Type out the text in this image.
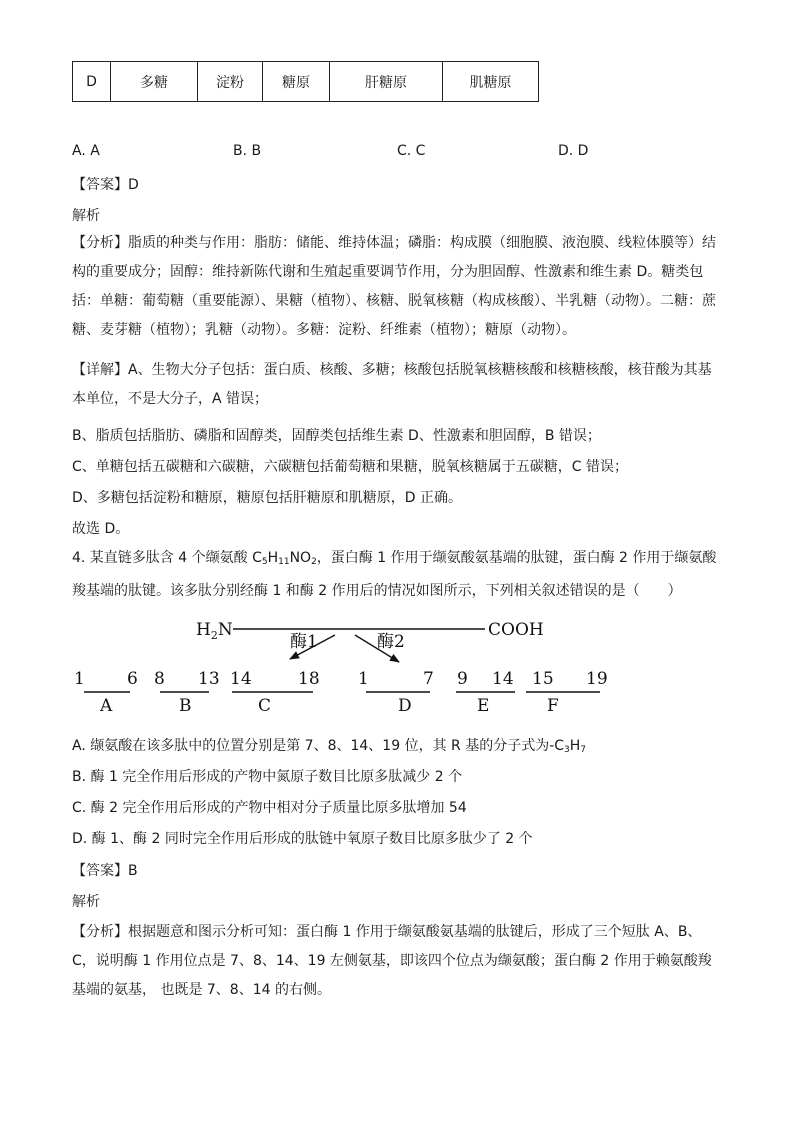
D	多糖	淀粉	糖原	肝糖原	肌糖原
A. A	B. B	C. C	D. D
【答案】D
解析
【分析】脂质的种类与作用：脂肪：储能、维持体温；磷脂：构成膜（细胞膜、液泡膜、线粒体膜等）结构的重要成分；固醇：维持新陈代谢和生殖起重要调节作用，分为胆固醇、性激素和维生素 D。糖类包括：单糖：葡萄糖（重要能源）、果糖（植物）、核糖、脱氧核糖（构成核酸）、半乳糖（动物）。二糖：蔗糖、麦芽糖（植物）；乳糖（动物）。多糖：淀粉、纤维素（植物）；糖原（动物）。
【详解】A、生物大分子包括：蛋白质、核酸、多糖；核酸包括脱氧核糖核酸和核糖核酸，核苷酸为其基本单位，不是大分子，A 错误；
B、脂质包括脂肪、磷脂和固醇类，固醇类包括维生素 D、性激素和胆固醇，B 错误；
C、单糖包括五碳糖和六碳糖，六碳糖包括葡萄糖和果糖，脱氧核糖属于五碳糖，C 错误；
D、多糖包括淀粉和糖原，糖原包括肝糖原和肌糖原，D 正确。
故选 D。
4. 某直链多肽含 4 个缬氨酸 $C_5H_{11}NO_2$，蛋白酶 1 作用于缬氨酸氨基端的肽键，蛋白酶 2 作用于缬氨酸羧基端的肽键。该多肽分别经酶 1 和酶 2 作用后的情况如图所示，下列相关叙述错误的是（　　）
$H_2N$	COOH
酶1	酶2
1 6
A
8 13
B
14	18
C
1	7
D
9 14
E
15 19
F
A. 缬氨酸在该多肽中的位置分别是第 7、8、14、19 位，其 R 基的分子式为$-C_3H_7$
B. 酶 1 完全作用后形成的产物中氮原子数目比原多肽减少 2 个
C. 酶 2 完全作用后形成的产物中相对分子质量比原多肽增加 54
D. 酶 1、酶 2 同时完全作用后形成的肽链中氧原子数目比原多肽少了 2 个
【答案】B
解析
【分析】根据题意和图示分析可知：蛋白酶 1 作用于缬氨酸氨基端的肽键后，形成了三个短肽 A、B、C，说明酶 1 作用位点是 7、8、14、19 左侧氨基，即该四个位点为缬氨酸；蛋白酶 2 作用于赖氨酸羧基端的氨基， 也既是 7、8、14 的右侧。
